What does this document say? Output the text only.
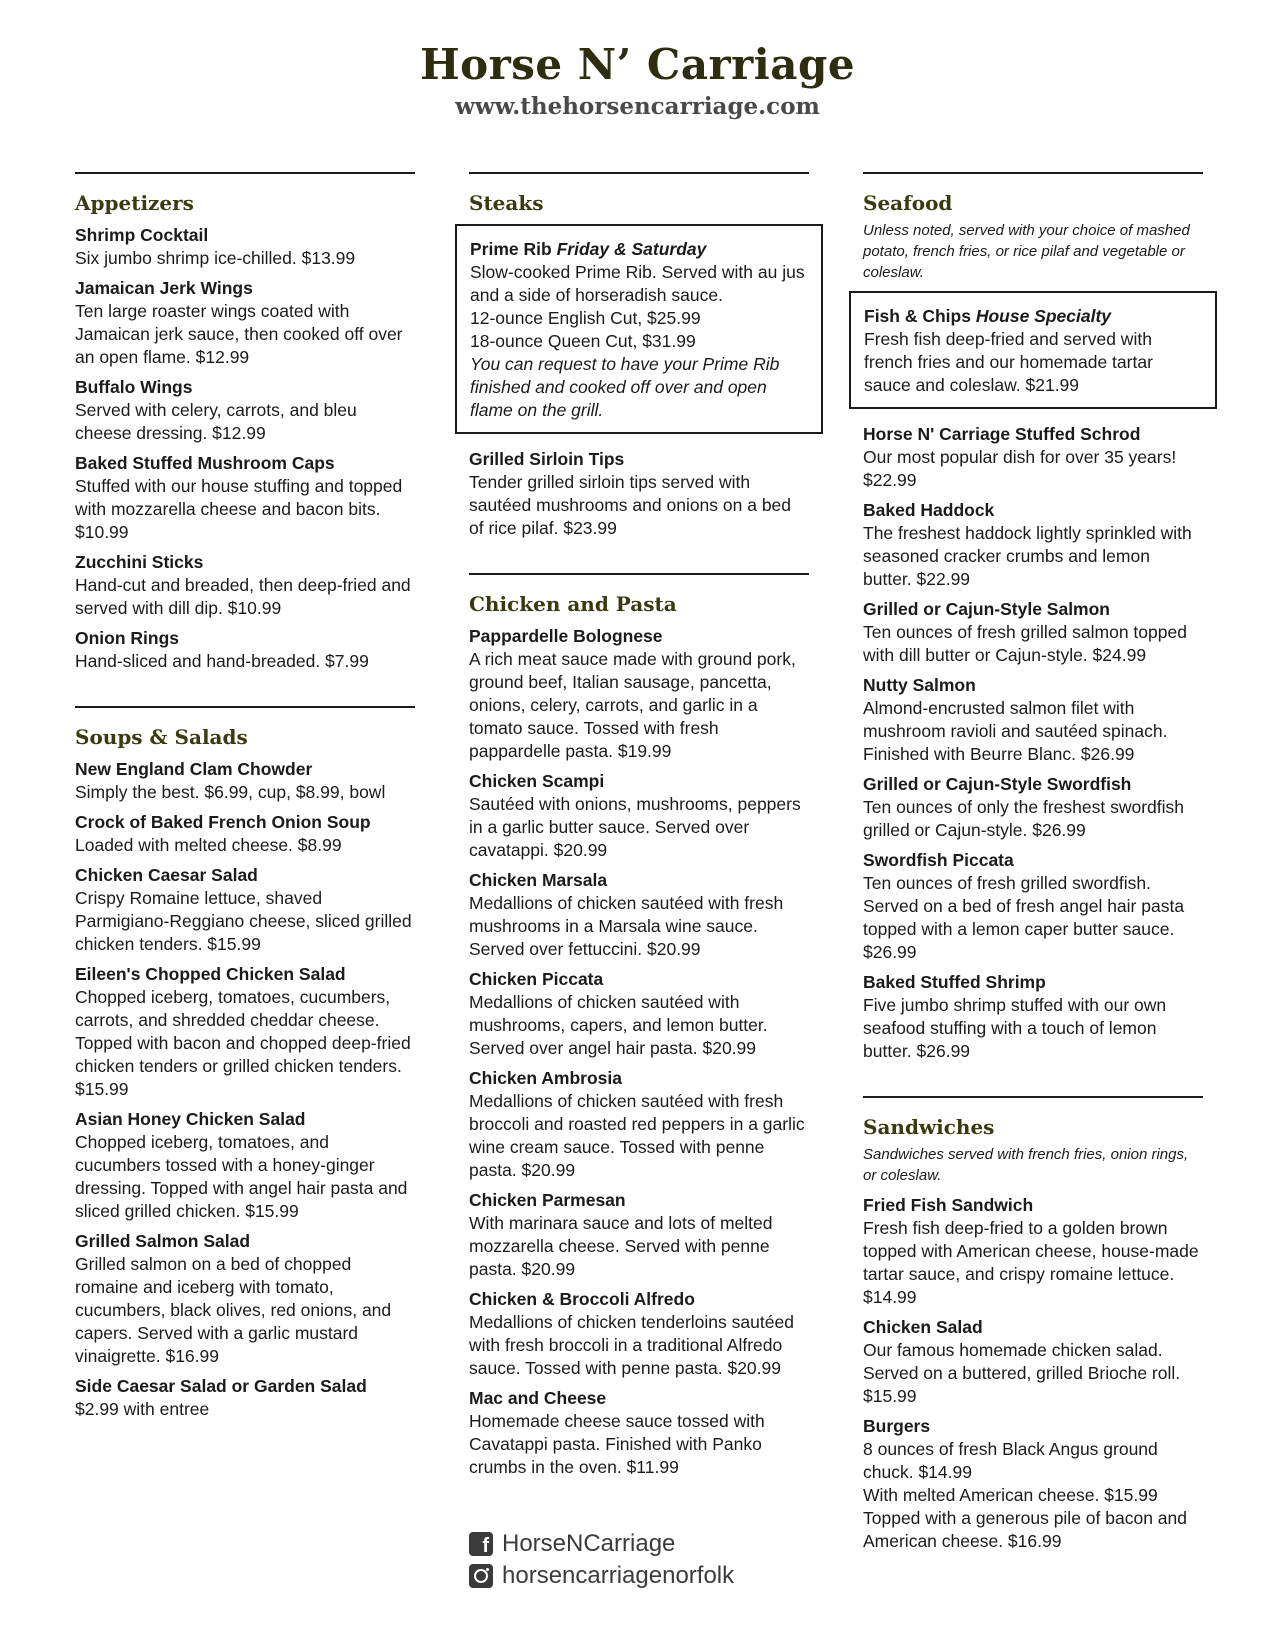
Horse N’ Carriage
www.thehorsencarriage.com
Appetizers
Shrimp Cocktail
Six jumbo shrimp ice-chilled. $13.99
Jamaican Jerk Wings
Ten large roaster wings coated with Jamaican jerk sauce, then cooked off over an open flame. $12.99
Buffalo Wings
Served with celery, carrots, and bleu cheese dressing. $12.99
Baked Stuffed Mushroom Caps
Stuffed with our house stuffing and topped with mozzarella cheese and bacon bits. $10.99
Zucchini Sticks
Hand-cut and breaded, then deep-fried and served with dill dip. $10.99
Onion Rings
Hand-sliced and hand-breaded. $7.99
Soups & Salads
New England Clam Chowder
Simply the best. $6.99, cup, $8.99, bowl
Crock of Baked French Onion Soup
Loaded with melted cheese. $8.99
Chicken Caesar Salad
Crispy Romaine lettuce, shaved Parmigiano-Reggiano cheese, sliced grilled chicken tenders. $15.99
Eileen's Chopped Chicken Salad
Chopped iceberg, tomatoes, cucumbers, carrots, and shredded cheddar cheese. Topped with bacon and chopped deep-fried chicken tenders or grilled chicken tenders. $15.99
Asian Honey Chicken Salad
Chopped iceberg, tomatoes, and cucumbers tossed with a honey-ginger dressing. Topped with angel hair pasta and sliced grilled chicken. $15.99
Grilled Salmon Salad
Grilled salmon on a bed of chopped romaine and iceberg with tomato, cucumbers, black olives, red onions, and capers. Served with a garlic mustard vinaigrette. $16.99
Side Caesar Salad or Garden Salad
$2.99 with entree
Steaks
Prime Rib Friday & Saturday
Slow-cooked Prime Rib. Served with au jus and a side of horseradish sauce.
12-ounce English Cut, $25.99
18-ounce Queen Cut, $31.99
You can request to have your Prime Rib finished and cooked off over and open flame on the grill.
Grilled Sirloin Tips
Tender grilled sirloin tips served with sautéed mushrooms and onions on a bed of rice pilaf. $23.99
Chicken and Pasta
Pappardelle Bolognese
A rich meat sauce made with ground pork, ground beef, Italian sausage, pancetta, onions, celery, carrots, and garlic in a tomato sauce. Tossed with fresh pappardelle pasta. $19.99
Chicken Scampi
Sautéed with onions, mushrooms, peppers in a garlic butter sauce. Served over cavatappi. $20.99
Chicken Marsala
Medallions of chicken sautéed with fresh mushrooms in a Marsala wine sauce. Served over fettuccini. $20.99
Chicken Piccata
Medallions of chicken sautéed with mushrooms, capers, and lemon butter. Served over angel hair pasta. $20.99
Chicken Ambrosia
Medallions of chicken sautéed with fresh broccoli and roasted red peppers in a garlic wine cream sauce. Tossed with penne pasta. $20.99
Chicken Parmesan
With marinara sauce and lots of melted mozzarella cheese. Served with penne pasta. $20.99
Chicken & Broccoli Alfredo
Medallions of chicken tenderloins sautéed with fresh broccoli in a traditional Alfredo sauce. Tossed with penne pasta. $20.99
Mac and Cheese
Homemade cheese sauce tossed with Cavatappi pasta. Finished with Panko crumbs in the oven. $11.99
f HorseNCarriage
horsencarriagenorfolk
Seafood
Unless noted, served with your choice of mashed potato, french fries, or rice pilaf and vegetable or coleslaw.
Fish & Chips House Specialty
Fresh fish deep-fried and served with french fries and our homemade tartar sauce and coleslaw. $21.99
Horse N' Carriage Stuffed Schrod
Our most popular dish for over 35 years! $22.99
Baked Haddock
The freshest haddock lightly sprinkled with seasoned cracker crumbs and lemon butter. $22.99
Grilled or Cajun-Style Salmon
Ten ounces of fresh grilled salmon topped with dill butter or Cajun-style. $24.99
Nutty Salmon
Almond-encrusted salmon filet with mushroom ravioli and sautéed spinach. Finished with Beurre Blanc. $26.99
Grilled or Cajun-Style Swordfish
Ten ounces of only the freshest swordfish grilled or Cajun-style. $26.99
Swordfish Piccata
Ten ounces of fresh grilled swordfish. Served on a bed of fresh angel hair pasta topped with a lemon caper butter sauce. $26.99
Baked Stuffed Shrimp
Five jumbo shrimp stuffed with our own seafood stuffing with a touch of lemon butter. $26.99
Sandwiches
Sandwiches served with french fries, onion rings, or coleslaw.
Fried Fish Sandwich
Fresh fish deep-fried to a golden brown topped with American cheese, house-made tartar sauce, and crispy romaine lettuce. $14.99
Chicken Salad
Our famous homemade chicken salad. Served on a buttered, grilled Brioche roll. $15.99
Burgers
8 ounces of fresh Black Angus ground chuck. $14.99
With melted American cheese. $15.99
Topped with a generous pile of bacon and American cheese. $16.99
